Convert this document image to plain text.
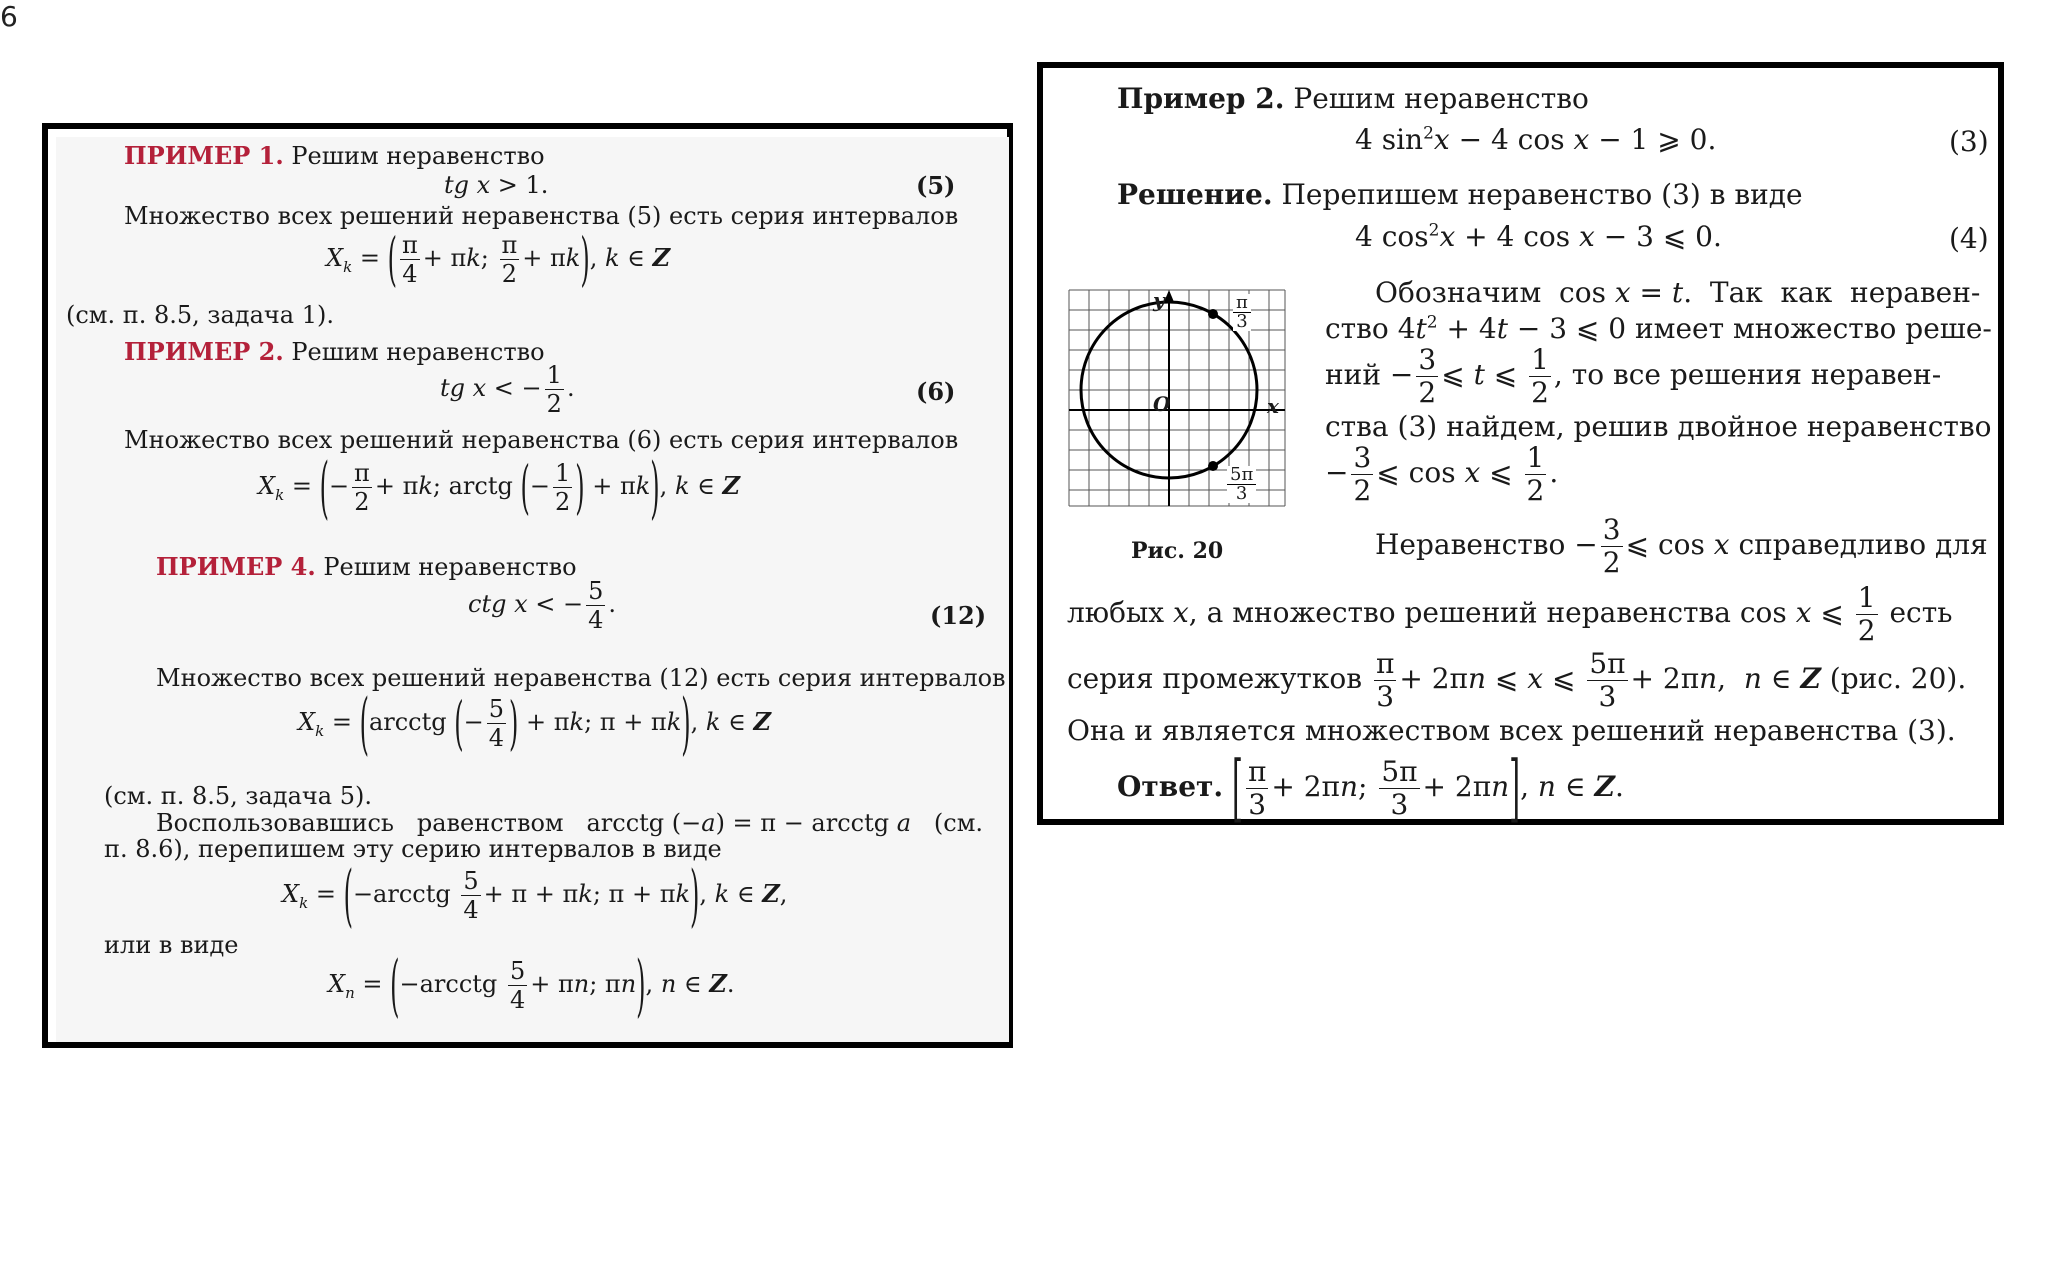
6
ПРИМЕР 1. Решим неравенство
tg x > 1.	(5)
Множество всех решений неравенства (5) есть серия интервалов
$X_k$ = ( $\frac{\pi}{4} + \pi k$; $\frac{\pi}{2} + \pi k$), k ∈ Z
(см. п. 8.5, задача 1).
ПРИМЕР 2. Решим неравенство
tg x < − $\frac{1}{2}$ .	(6)
Множество всех решений неравенства (6) есть серия интервалов
$X_k$ = (− $\frac{\pi}{2} + \pi k$; arctg (− $\frac{1}{2}$ ) + πk), k ∈ Z
ПРИМЕР 4. Решим неравенство
ctg x < − $\frac{5}{4}$ .	(12)
Множество всех решений неравенства (12) есть серия интервалов
$X_k$ = (arcctg (− $\frac{5}{4}$ ) + πk; π + πk), k ∈ Z
(см. п. 8.5, задача 5).
Воспользовавшись   равенством   arcctg (−a) = π − arcctg a   (см.
п. 8.6), перепишем эту серию интервалов в виде
$X_k$ = (−arcctg $\frac{5}{4} + \pi + \pi k$; π + πk), k ∈ Z,
или в виде
$X_n$ = (−arcctg $\frac{5}{4} + \pi n$; πn), n ∈ Z.
Пример 2. Решим неравенство
4 $\sin^2x - 4$ cos x − 1 ⩾ 0.	(3)
Решение. Перепишем неравенство (3) в виде
4 $\cos^2x + 4$ cos x − 3 ⩽ 0.	(4)
y
x
O
π
3
5π
3
Рис. 20
Обозначим  cos x = t.  Так  как  неравен-
ство $4t^2 + 4t - 3$ ⩽ 0 имеет множество реше-
ний − $\frac{3}{2}$ ⩽ t ⩽ $\frac{1}{2}$ , то все решения неравен-
ства (3) найдем, решив двойное неравенство
− $\frac{3}{2}$ ⩽ cos x ⩽ $\frac{1}{2}$ .
Неравенство − $\frac{3}{2}$ ⩽ cos x справедливо для
любых x, а множество решений неравенства cos x ⩽ $\frac{1}{2}$ есть
серия промежутков $\frac{\pi}{3} + 2\pi n$ ⩽ x ⩽ $\frac{5\pi}{3} + 2\pi n$,  n ∈ Z (рис. 20).
Она и является множеством всех решений неравенства (3).
Ответ. [ $\frac{\pi}{3} + 2\pi n$; $\frac{5\pi}{3} + 2\pi n$], n ∈ Z.
